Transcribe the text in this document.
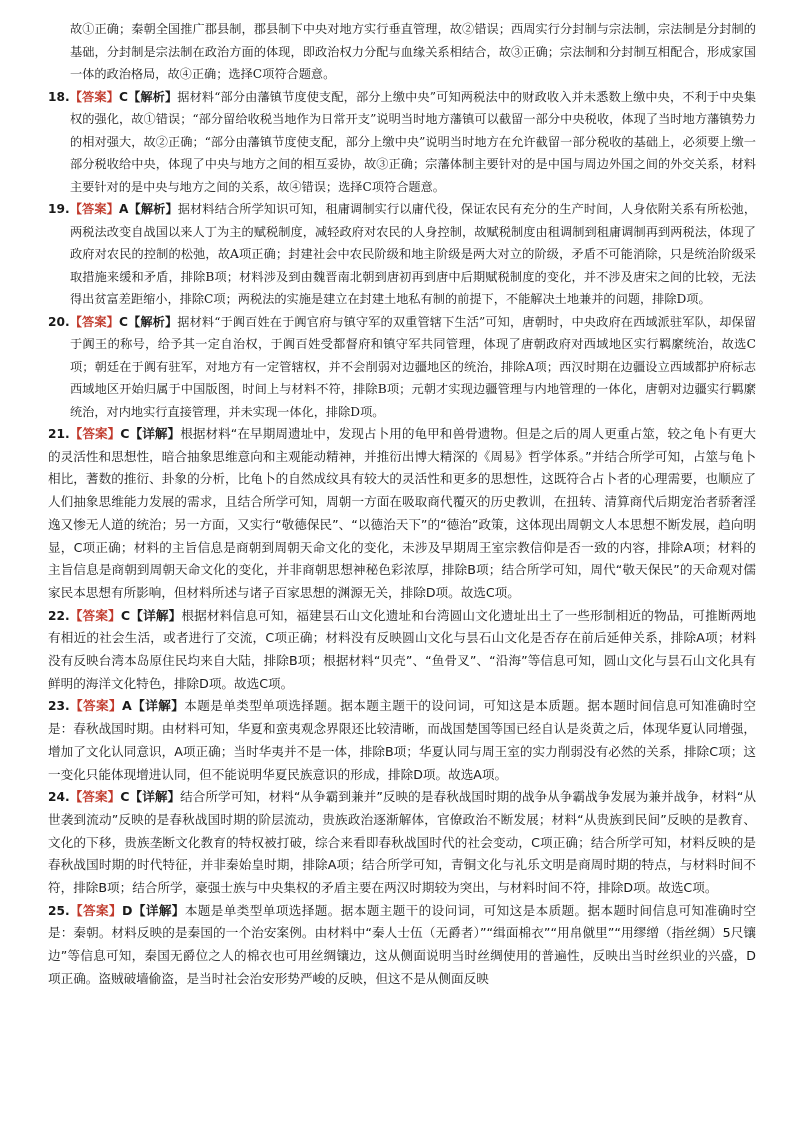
故①正确；秦朝全国推广郡县制，郡县制下中央对地方实行垂直管理，故②错误；西周实行分封制与宗法制，宗法制是分封制的基础，分封制是宗法制在政治方面的体现，即政治权力分配与血缘关系相结合，故③正确；宗法制和分封制互相配合，形成家国一体的政治格局，故④正确；选择C项符合题意。

18.【答案】C【解析】据材料“部分由藩镇节度使支配，部分上缴中央”可知两税法中的财政收入并未悉数上缴中央，不利于中央集权的强化，故①错误；“部分留给收税当地作为日常开支”说明当时地方藩镇可以截留一部分中央税收，体现了当时地方藩镇势力的相对强大，故②正确；“部分由藩镇节度使支配，部分上缴中央”说明当时地方在允许截留一部分税收的基础上，必须要上缴一部分税收给中央，体现了中央与地方之间的相互妥协，故③正确；宗藩体制主要针对的是中国与周边外国之间的外交关系，材料主要针对的是中央与地方之间的关系，故④错误；选择C项符合题意。

19.【答案】A【解析】据材料结合所学知识可知，租庸调制实行以庸代役，保证农民有充分的生产时间，人身依附关系有所松弛，两税法改变自战国以来人丁为主的赋税制度，减轻政府对农民的人身控制，故赋税制度由租调制到租庸调制再到两税法，体现了政府对农民的控制的松弛，故A项正确；封建社会中农民阶级和地主阶级是两大对立的阶级，矛盾不可能消除，只是统治阶级采取措施来缓和矛盾，排除B项；材料涉及到由魏晋南北朝到唐初再到唐中后期赋税制度的变化，并不涉及唐宋之间的比较，无法得出贫富差距缩小，排除C项；两税法的实施是建立在封建土地私有制的前提下，不能解决土地兼并的问题，排除D项。

20.【答案】C【解析】据材料“于阗百姓在于阗官府与镇守军的双重管辖下生活”可知，唐朝时，中央政府在西域派驻军队，却保留于阗王的称号，给予其一定自治权，于阗百姓受都督府和镇守军共同管理，体现了唐朝政府对西域地区实行羁縻统治，故选C项；朝廷在于阗有驻军，对地方有一定管辖权，并不会削弱对边疆地区的统治，排除A项；西汉时期在边疆设立西域都护府标志西域地区开始归属于中国版图，时间上与材料不符，排除B项；元朝才实现边疆管理与内地管理的一体化，唐朝对边疆实行羁縻统治，对内地实行直接管理，并未实现一体化，排除D项。

21.【答案】C【详解】根据材料“在早期周遗址中，发现占卜用的龟甲和兽骨遗物。但是之后的周人更重占筮，较之龟卜有更大的灵活性和思想性，暗合抽象思维意向和主观能动精神，并推衍出博大精深的《周易》哲学体系。”并结合所学可知，占筮与龟卜相比，蓍数的推衍、卦象的分析，比龟卜的自然成纹具有较大的灵活性和更多的思想性，这既符合占卜者的心理需要，也顺应了人们抽象思维能力发展的需求，且结合所学可知，周朝一方面在吸取商代覆灭的历史教训，在扭转、清算商代后期宠治者骄奢淫逸又惨无人道的统治；另一方面，又实行“敬德保民”、“以德治天下”的“德治”政策，这体现出周朝文人本思想不断发展，趋向明显，C项正确；材料的主旨信息是商朝到周朝天命文化的变化，未涉及早期周王室宗教信仰是否一致的内容，排除A项；材料的主旨信息是商朝到周朝天命文化的变化，并非商朝思想神秘色彩浓厚，排除B项；结合所学可知，周代“敬天保民”的天命观对儒家民本思想有所影响，但材料所述与诸子百家思想的渊源无关，排除D项。故选C项。

22.【答案】C【详解】根据材料信息可知，福建昙石山文化遗址和台湾圆山文化遗址出土了一些形制相近的物品，可推断两地有相近的社会生活，或者进行了交流，C项正确；材料没有反映圆山文化与昙石山文化是否存在前后延伸关系，排除A项；材料没有反映台湾本岛原住民均来自大陆，排除B项；根据材料“贝壳”、“鱼骨叉”、“沿海”等信息可知，圆山文化与昙石山文化具有鲜明的海洋文化特色，排除D项。故选C项。

23.【答案】A【详解】本题是单类型单项选择题。据本题主题干的设问词，可知这是本质题。据本题时间信息可知准确时空是：春秋战国时期。由材料可知，华夏和蛮夷观念界限还比较清晰，而战国楚国等国已经自认是炎黄之后，体现华夏认同增强，增加了文化认同意识，A项正确；当时华夷并不是一体，排除B项；华夏认同与周王室的实力削弱没有必然的关系，排除C项；这一变化只能体现增进认同，但不能说明华夏民族意识的形成，排除D项。故选A项。

24.【答案】C【详解】结合所学可知，材料“从争霸到兼并”反映的是春秋战国时期的战争从争霸战争发展为兼并战争，材料“从世袭到流动”反映的是春秋战国时期的阶层流动，贵族政治逐渐解体，官僚政治不断发展；材料“从贵族到民间”反映的是教育、文化的下移，贵族垄断文化教育的特权被打破，综合来看即春秋战国时代的社会变动，C项正确；结合所学可知，材料反映的是春秋战国时期的时代特征，并非秦始皇时期，排除A项；结合所学可知，青铜文化与礼乐文明是商周时期的特点，与材料时间不符，排除B项；结合所学，豪强士族与中央集权的矛盾主要在两汉时期较为突出，与材料时间不符，排除D项。故选C项。

25.【答案】D【详解】本题是单类型单项选择题。据本题主题干的设问词，可知这是本质题。据本题时间信息可知准确时空是：秦朝。材料反映的是秦国的一个治安案例。由材料中“秦人士伍（无爵者）”“缉面棉衣”“用帛僦里”“用缪缯（指丝绸）5尺镶边”等信息可知，秦国无爵位之人的棉衣也可用丝绸镶边，这从侧面说明当时丝绸使用的普遍性，反映出当时丝织业的兴盛，D项正确。盗贼破墙偷盗，是当时社会治安形势严峻的反映，但这不是从侧面反映
